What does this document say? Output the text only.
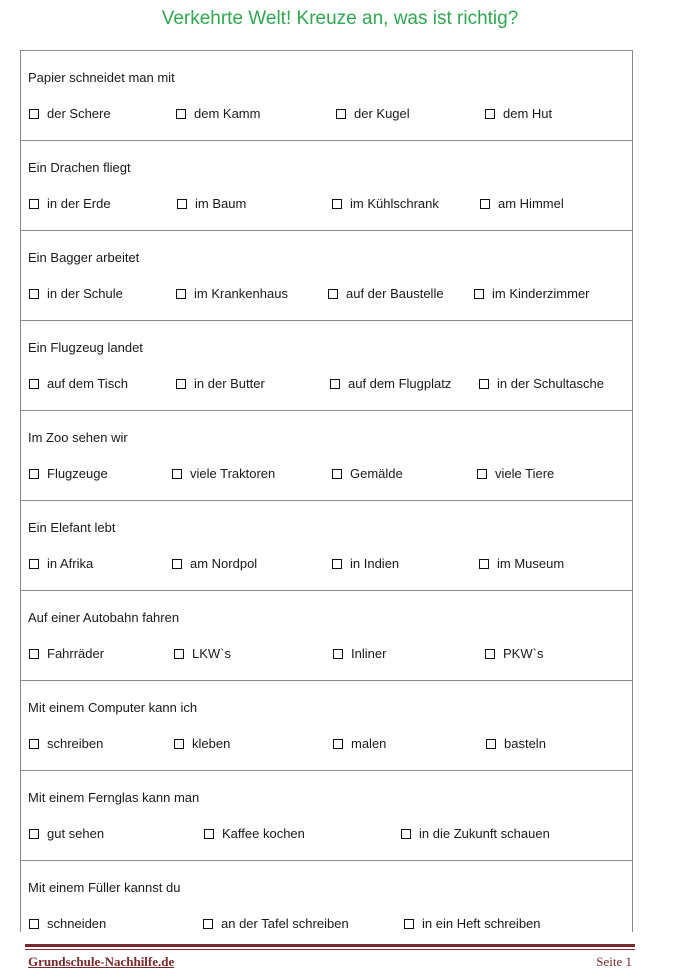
Verkehrte Welt! Kreuze an, was ist richtig?
Papier schneidet man mit
der Schere	dem Kamm	der Kugel	dem Hut
Ein Drachen fliegt
in der Erde	im Baum	im Kühlschrank	am Himmel
Ein Bagger arbeitet
in der Schule	im Krankenhaus	auf der Baustelle	im Kinderzimmer
Ein Flugzeug landet
auf dem Tisch	in der Butter	auf dem Flugplatz	in der Schultasche
Im Zoo sehen wir
Flugzeuge	viele Traktoren	Gemälde	viele Tiere
Ein Elefant lebt
in Afrika	am Nordpol	in Indien	im Museum
Auf einer Autobahn fahren
Fahrräder	LKW`s	Inliner	PKW`s
Mit einem Computer kann ich
schreiben	kleben	malen	basteln
Mit einem Fernglas kann man
gut sehen	Kaffee kochen	in die Zukunft schauen
Mit einem Füller kannst du
schneiden	an der Tafel schreiben	in ein Heft schreiben
Grundschule-Nachhilfe.de	Seite 1
